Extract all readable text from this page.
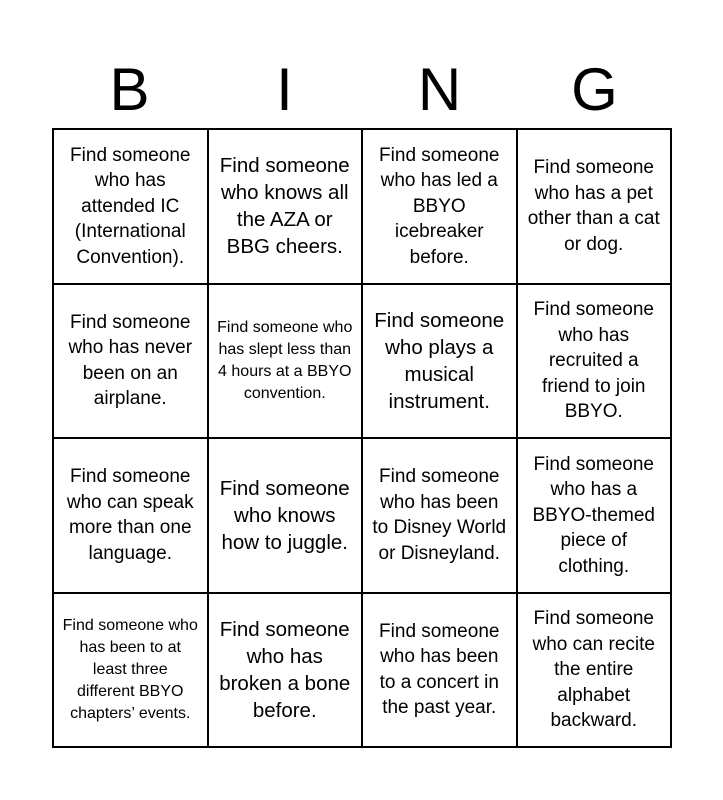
B	I	N	G
Find someone who has attended IC (International Convention).
Find someone who knows all the AZA or BBG cheers.
Find someone who has led a BBYO icebreaker before.
Find someone who has a pet other than a cat or dog.
Find someone who has never been on an airplane.
Find someone who has slept less than 4 hours at a BBYO convention.
Find someone who plays a musical instrument.
Find someone who has recruited a friend to join BBYO.
Find someone who can speak more than one language.
Find someone who knows how to juggle.
Find someone who has been to Disney World or Disneyland.
Find someone who has a BBYO-themed piece of clothing.
Find someone who has been to at least three different BBYO chapters’ events.
Find someone who has broken a bone before.
Find someone who has been to a concert in the past year.
Find someone who can recite the entire alphabet backward.
